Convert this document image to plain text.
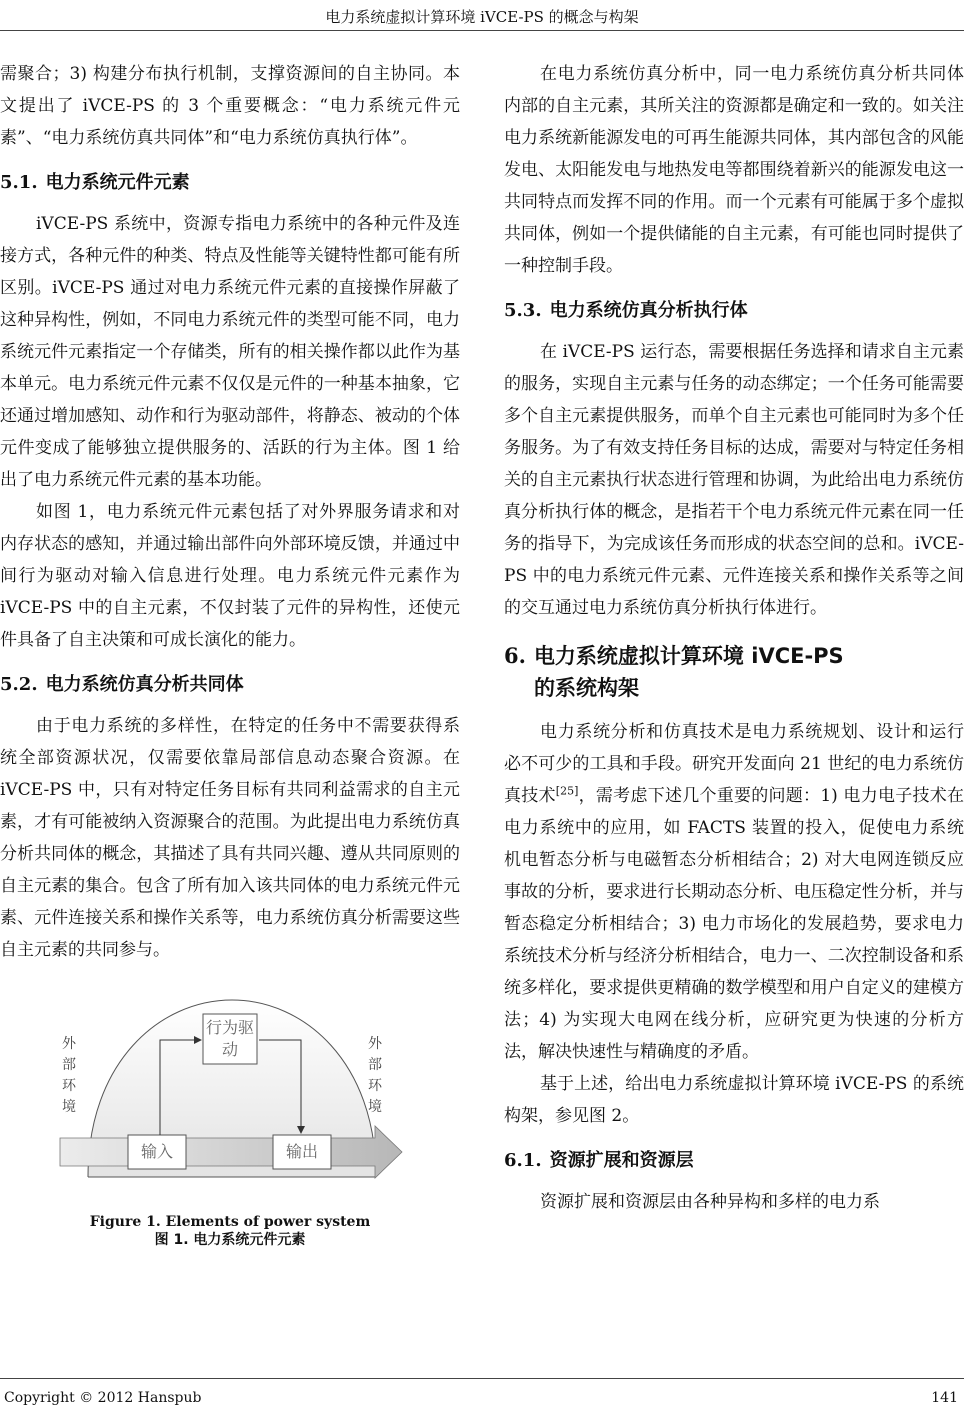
电力系统虚拟计算环境 iVCE-PS 的概念与构架

需聚合；3) 构建分布执行机制，支撑资源间的自主协同。本文提出了 iVCE-PS 的 3 个重要概念：“电力系统元件元素”、“电力系统仿真共同体”和“电力系统仿真执行体”。

5.1. 电力系统元件元素

iVCE-PS 系统中，资源专指电力系统中的各种元件及连接方式，各种元件的种类、特点及性能等关键特性都可能有所区别。iVCE-PS 通过对电力系统元件元素的直接操作屏蔽了这种异构性，例如，不同电力系统元件的类型可能不同，电力系统元件元素指定一个存储类，所有的相关操作都以此作为基本单元。电力系统元件元素不仅仅是元件的一种基本抽象，它还通过增加感知、动作和行为驱动部件，将静态、被动的个体元件变成了能够独立提供服务的、活跃的行为主体。图 1 给出了电力系统元件元素的基本功能。

如图 1，电力系统元件元素包括了对外界服务请求和对内存状态的感知，并通过输出部件向外部环境反馈，并通过中间行为驱动对输入信息进行处理。电力系统元件元素作为 iVCE-PS 中的自主元素，不仅封装了元件的异构性，还使元件具备了自主决策和可成长演化的能力。

5.2. 电力系统仿真分析共同体

由于电力系统的多样性，在特定的任务中不需要获得系统全部资源状况，仅需要依靠局部信息动态聚合资源。在 iVCE-PS 中，只有对特定任务目标有共同利益需求的自主元素，才有可能被纳入资源聚合的范围。为此提出电力系统仿真分析共同体的概念，其描述了具有共同兴趣、遵从共同原则的自主元素的集合。包含了所有加入该共同体的电力系统元件元素、元件连接关系和操作关系等，电力系统仿真分析需要这些自主元素的共同参与。

外部环境
外部环境
行为驱动
输入	输出
Figure 1. Elements of power system
图 1. 电力系统元件元素

在电力系统仿真分析中，同一电力系统仿真分析共同体内部的自主元素，其所关注的资源都是确定和一致的。如关注电力系统新能源发电的可再生能源共同体，其内部包含的风能发电、太阳能发电与地热发电等都围绕着新兴的能源发电这一共同特点而发挥不同的作用。而一个元素有可能属于多个虚拟共同体，例如一个提供储能的自主元素，有可能也同时提供了一种控制手段。

5.3. 电力系统仿真分析执行体

在 iVCE-PS 运行态，需要根据任务选择和请求自主元素的服务，实现自主元素与任务的动态绑定；一个任务可能需要多个自主元素提供服务，而单个自主元素也可能同时为多个任务服务。为了有效支持任务目标的达成，需要对与特定任务相关的自主元素执行状态进行管理和协调，为此给出电力系统仿真分析执行体的概念，是指若干个电力系统元件元素在同一任务的指导下，为完成该任务而形成的状态空间的总和。iVCE-PS 中的电力系统元件元素、元件连接关系和操作关系等之间的交互通过电力系统仿真分析执行体进行。

6. 电力系统虚拟计算环境 iVCE-PS
的系统构架

电力系统分析和仿真技术是电力系统规划、设计和运行必不可少的工具和手段。研究开发面向 21 世纪的电力系统仿真技术[25]，需考虑下述几个重要的问题：1) 电力电子技术在电力系统中的应用，如 FACTS 装置的投入，促使电力系统机电暂态分析与电磁暂态分析相结合；2) 对大电网连锁反应事故的分析，要求进行长期动态分析、电压稳定性分析，并与暂态稳定分析相结合；3) 电力市场化的发展趋势，要求电力系统技术分析与经济分析相结合，电力一、二次控制设备和系统多样化，要求提供更精确的数学模型和用户自定义的建模方法；4) 为实现大电网在线分析，应研究更为快速的分析方法，解决快速性与精确度的矛盾。

基于上述，给出电力系统虚拟计算环境 iVCE-PS 的系统构架，参见图 2。

6.1. 资源扩展和资源层

资源扩展和资源层由各种异构和多样的电力系

Copyright © 2012 Hanspub	141
